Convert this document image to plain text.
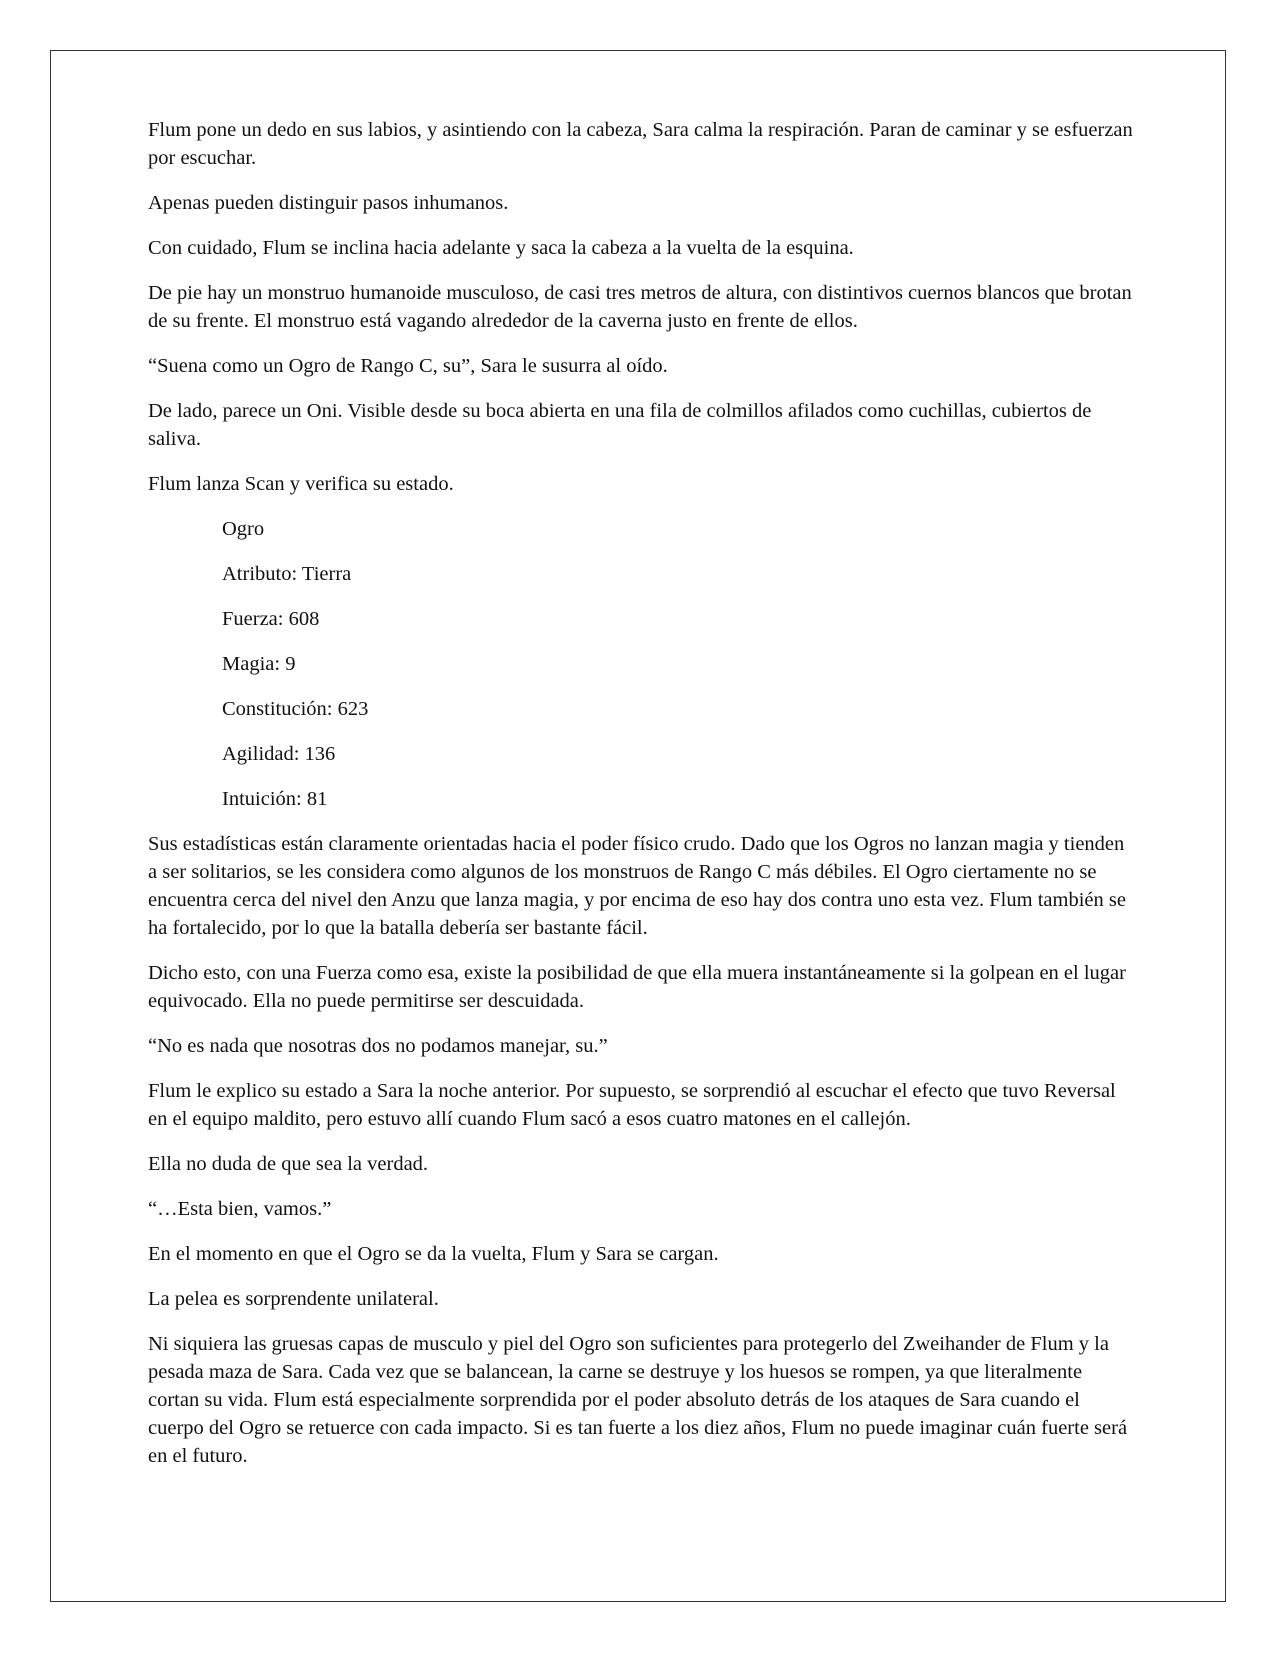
Flum pone un dedo en sus labios, y asintiendo con la cabeza, Sara calma la respiración. Paran de caminar y se esfuerzan por escuchar.

Apenas pueden distinguir pasos inhumanos.

Con cuidado, Flum se inclina hacia adelante y saca la cabeza a la vuelta de la esquina.

De pie hay un monstruo humanoide musculoso, de casi tres metros de altura, con distintivos cuernos blancos que brotan de su frente. El monstruo está vagando alrededor de la caverna justo en frente de ellos.

“Suena como un Ogro de Rango C, su”, Sara le susurra al oído.

De lado, parece un Oni. Visible desde su boca abierta en una fila de colmillos afilados como cuchillas, cubiertos de saliva.

Flum lanza Scan y verifica su estado.

Ogro
Atributo: Tierra
Fuerza: 608
Magia: 9
Constitución: 623
Agilidad: 136
Intuición: 81

Sus estadísticas están claramente orientadas hacia el poder físico crudo. Dado que los Ogros no lanzan magia y tienden a ser solitarios, se les considera como algunos de los monstruos de Rango C más débiles. El Ogro ciertamente no se encuentra cerca del nivel den Anzu que lanza magia, y por encima de eso hay dos contra uno esta vez. Flum también se ha fortalecido, por lo que la batalla debería ser bastante fácil.

Dicho esto, con una Fuerza como esa, existe la posibilidad de que ella muera instantáneamente si la golpean en el lugar equivocado. Ella no puede permitirse ser descuidada.

“No es nada que nosotras dos no podamos manejar, su.”

Flum le explico su estado a Sara la noche anterior. Por supuesto, se sorprendió al escuchar el efecto que tuvo Reversal en el equipo maldito, pero estuvo allí cuando Flum sacó a esos cuatro matones en el callejón.

Ella no duda de que sea la verdad.

“…Esta bien, vamos.”

En el momento en que el Ogro se da la vuelta, Flum y Sara se cargan.

La pelea es sorprendente unilateral.

Ni siquiera las gruesas capas de musculo y piel del Ogro son suficientes para protegerlo del Zweihander de Flum y la pesada maza de Sara. Cada vez que se balancean, la carne se destruye y los huesos se rompen, ya que literalmente cortan su vida. Flum está especialmente sorprendida por el poder absoluto detrás de los ataques de Sara cuando el cuerpo del Ogro se retuerce con cada impacto. Si es tan fuerte a los diez años, Flum no puede imaginar cuán fuerte será en el futuro.
